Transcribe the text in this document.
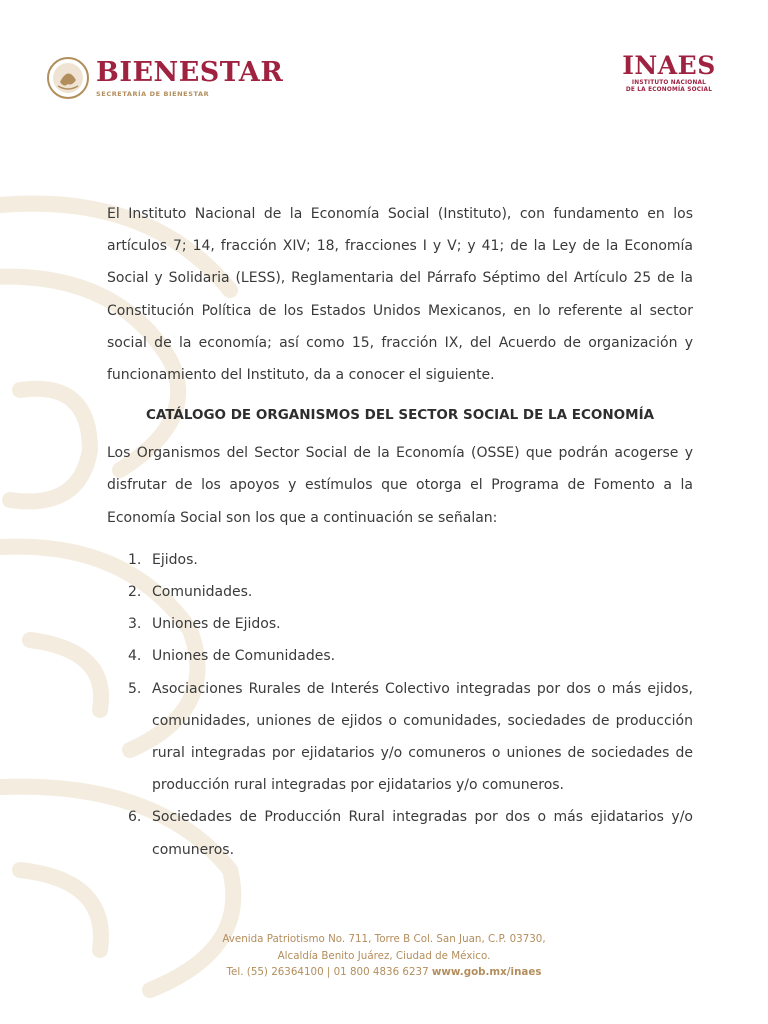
BIENESTAR
SECRETARÍA DE BIENESTAR
INAES
INSTITUTO NACIONAL
DE LA ECONOMÍA SOCIAL

El Instituto Nacional de la Economía Social (Instituto), con fundamento en los artículos 7; 14, fracción XIV; 18, fracciones I y V; y 41; de la Ley de la Economía Social y Solidaria (LESS), Reglamentaria del Párrafo Séptimo del Artículo 25 de la Constitución Política de los Estados Unidos Mexicanos, en lo referente al sector social de la economía; así como 15, fracción IX, del Acuerdo de organización y funcionamiento del Instituto, da a conocer el siguiente.

CATÁLOGO DE ORGANISMOS DEL SECTOR SOCIAL DE LA ECONOMÍA

Los Organismos del Sector Social de la Economía (OSSE) que podrán acogerse y disfrutar de los apoyos y estímulos que otorga el Programa de Fomento a la Economía Social son los que a continuación se señalan:

1. Ejidos.
2. Comunidades.
3. Uniones de Ejidos.
4. Uniones de Comunidades.
5. Asociaciones Rurales de Interés Colectivo integradas por dos o más ejidos, comunidades, uniones de ejidos o comunidades, sociedades de producción rural integradas por ejidatarios y/o comuneros o uniones de sociedades de producción rural integradas por ejidatarios y/o comuneros.
6. Sociedades de Producción Rural integradas por dos o más ejidatarios y/o comuneros.
Avenida Patriotismo No. 711, Torre B Col. San Juan, C.P. 03730,
Alcaldía Benito Juárez, Ciudad de México.
Tel. (55) 26364100 | 01 800 4836 6237 www.gob.mx/inaes
